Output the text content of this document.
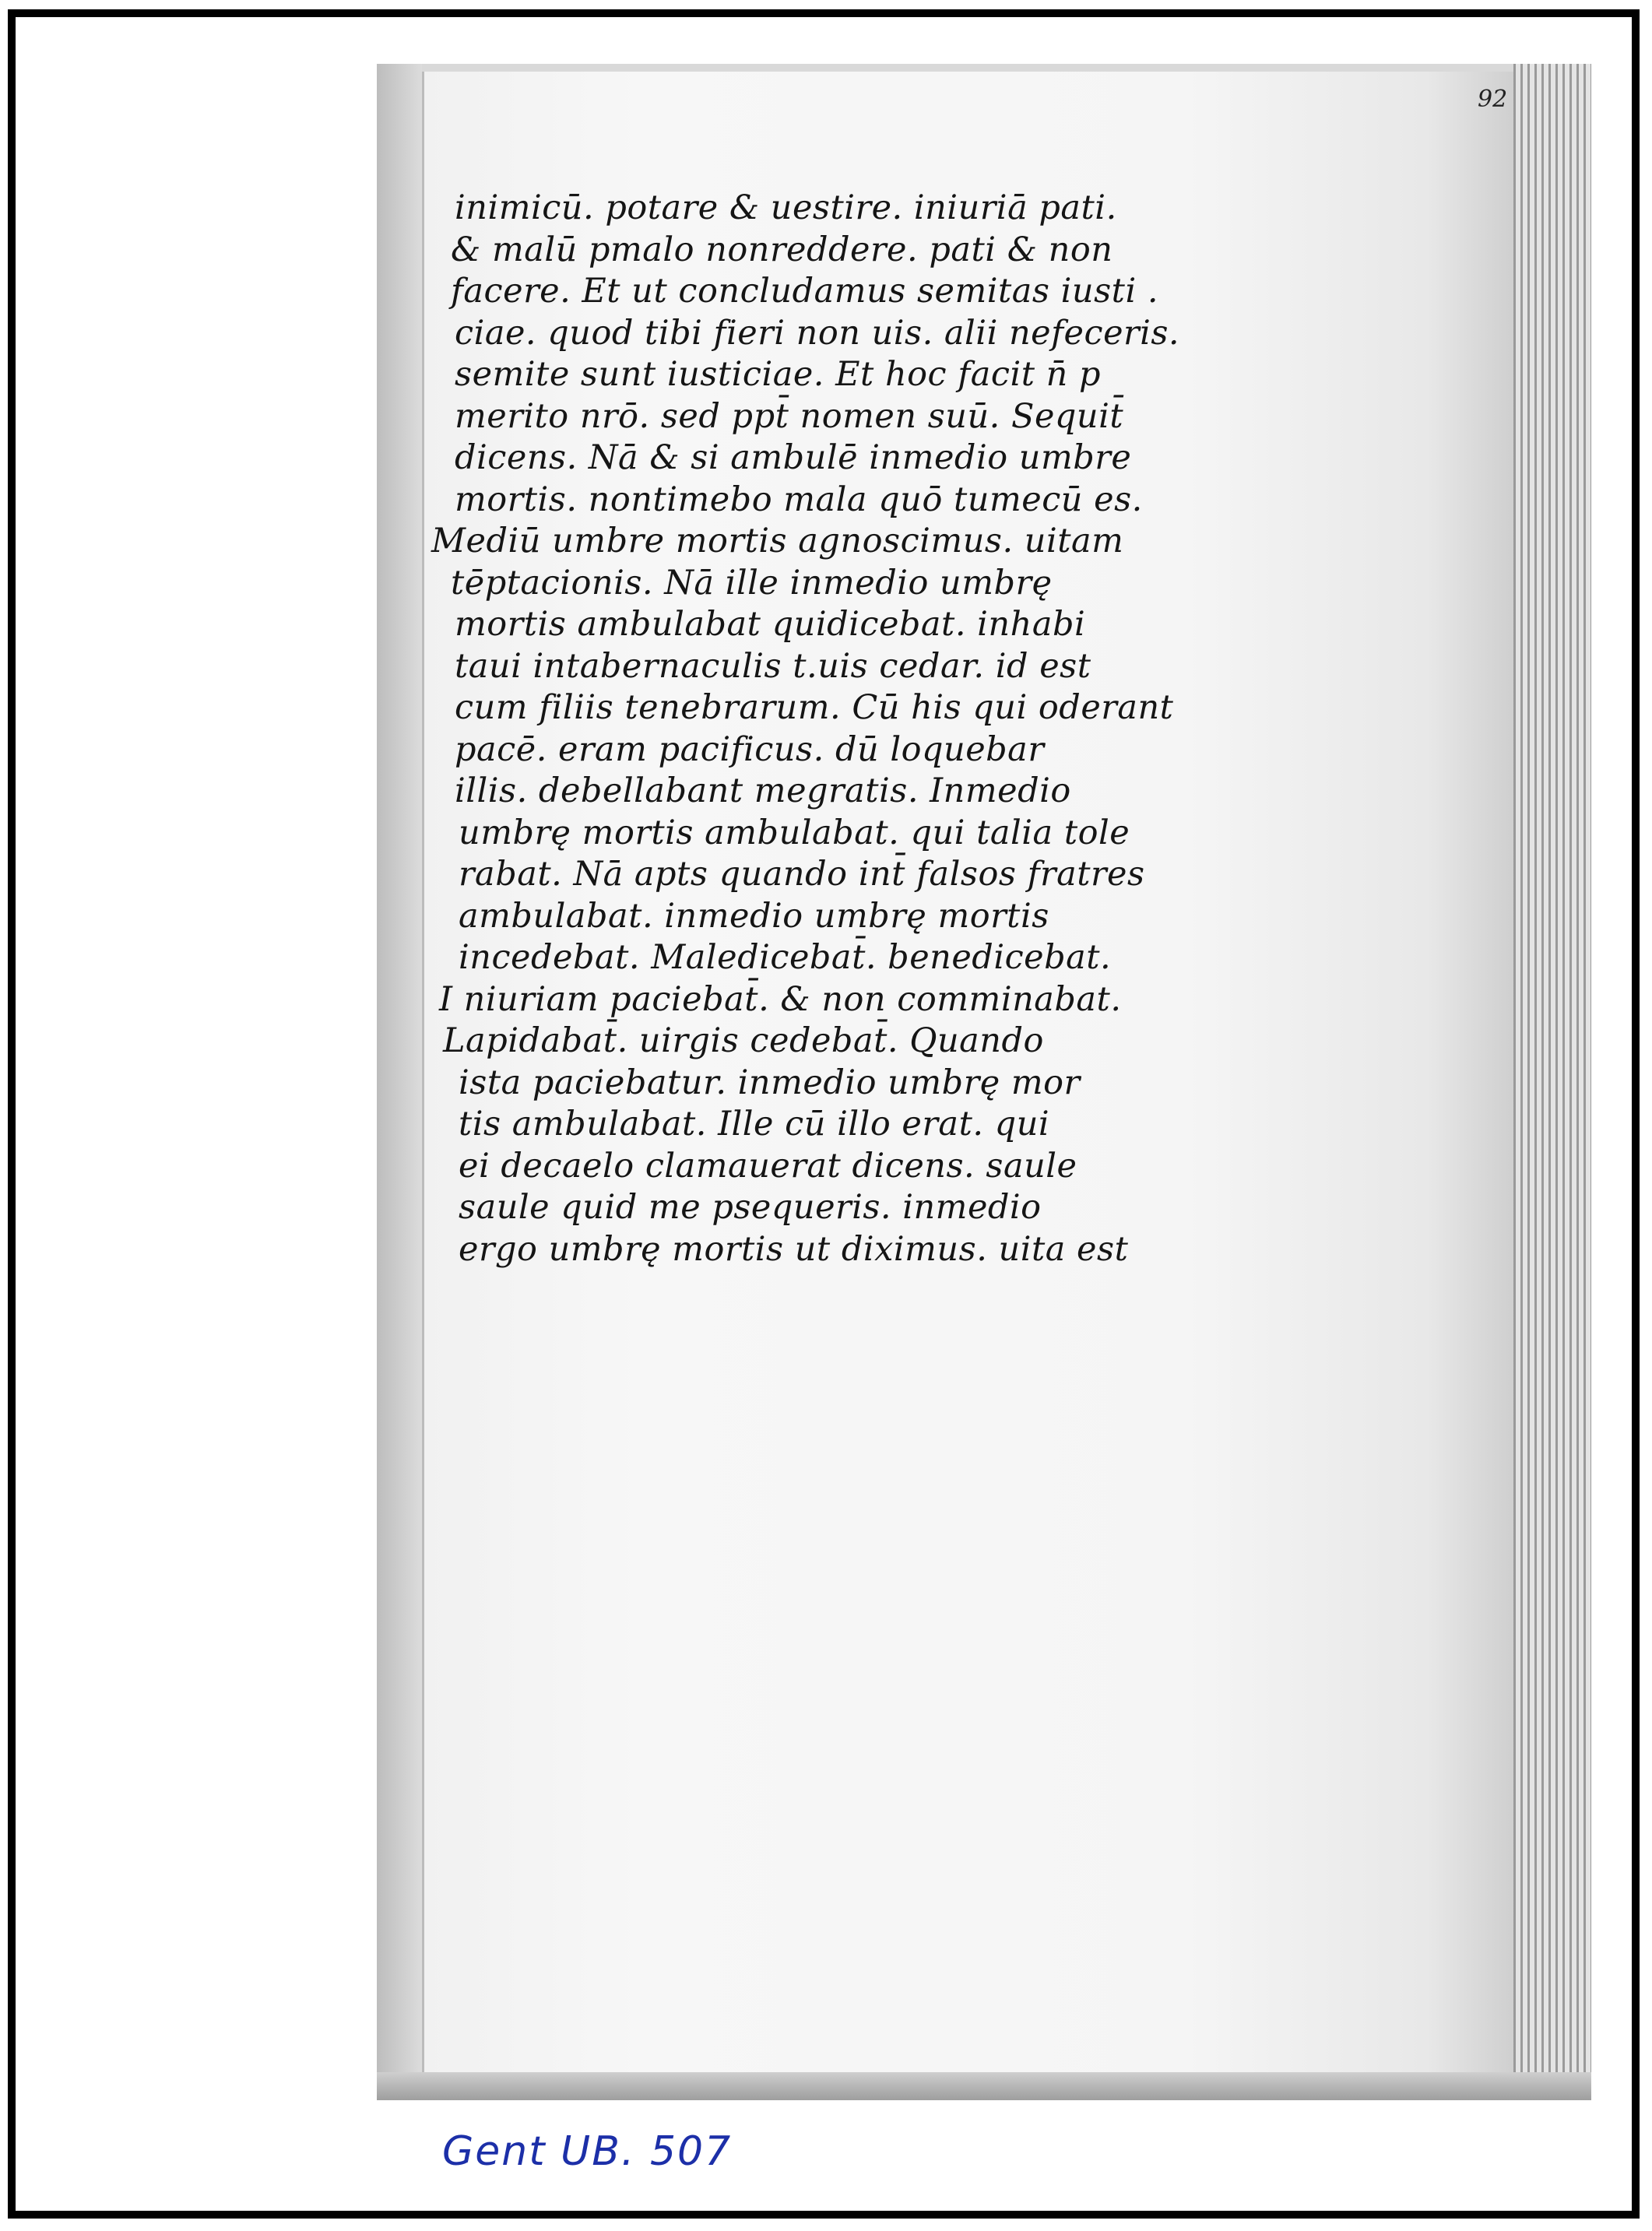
92
inimicū. potare & uestire. iniuriā pati.
& malū pmalo nonreddere. pati & non
facere. Et ut concludamus semitas iusti .
ciae. quod tibi fieri non uis. alii nefeceris.
semite sunt iusticiae. Et hoc facit n̄ p
merito nrō. sed ppt̄ nomen suū. Sequit̄
dicens. Nā & si ambulē inmedio umbre
mortis. nontimebo mala quō tumecū es.
Mediū umbre mortis agnoscimus. uitam
tēptacionis. Nā ille inmedio umbrę
mortis ambulabat quidicebat. inhabi
taui intabernaculis t.uis cedar. id est
cum filiis tenebrarum. Cū his qui oderant
pacē. eram pacificus. dū loquebar
illis. debellabant megratis. Inmedio
umbrę mortis ambulabat. qui talia tole
rabat. Nā apts quando int̄ falsos fratres
ambulabat. inmedio umbrę mortis
incedebat. Maledicebat̄. benedicebat.
I niuriam paciebat̄. & non comminabat.
Lapidabat̄. uirgis cedebat̄. Quando
ista paciebatur. inmedio umbrę mor
tis ambulabat. Ille cū illo erat. qui
ei decaelo clamauerat dicens. saule
saule quid me psequeris. inmedio
ergo umbrę mortis ut diximus. uita est
Gent UB. 507
